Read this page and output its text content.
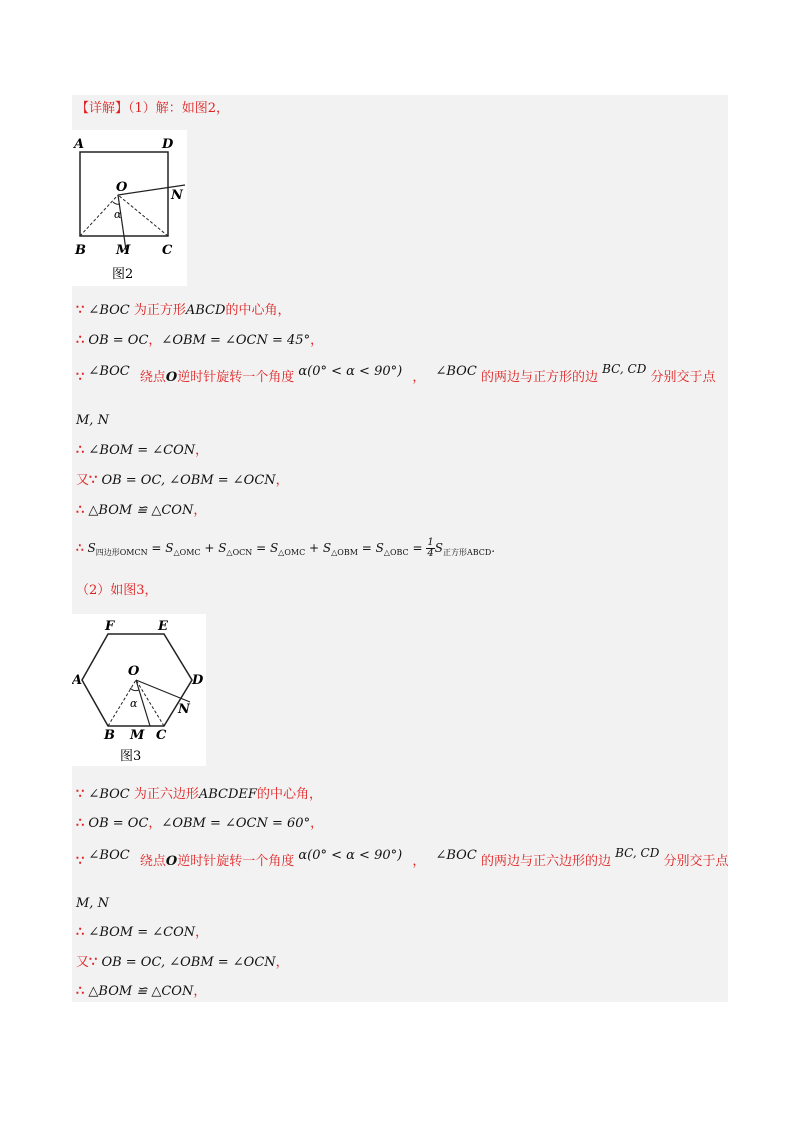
【详解】（1）解：如图2，
A	D
O
N
α
B M C
图2
∵ ∠BOC 为正方形ABCD的中心角，
∴ OB = OC，∠OBM = ∠OCN = 45°，
∵ ∠BOC 绕点O逆时针旋转一个角度 α(0° < α < 90°) ， ∠BOC 的两边与正方形的边 BC, CD 分别交于点
M, N
∴ ∠BOM = ∠CON，
又∵ OB = OC, ∠OBM = ∠OCN，
∴ △BOM ≌ △CON，
∴ $S_{四边形OMCN} = S_{\triangle OMC} + S_{\triangle OCN} = S_{\triangle OMC} + S_{\triangle OBM} = S_{\triangle OBC} = \frac{1}{4} S_{正方形ABCD}$.
（2）如图3，
F	E
O
A	D
N
α
B M C
图3
∵ ∠BOC 为正六边形ABCDEF的中心角，
∴ OB = OC，∠OBM = ∠OCN = 60°，
∵ ∠BOC 绕点O逆时针旋转一个角度 α(0° < α < 90°) ， ∠BOC 的两边与正六边形的边 BC, CD 分别交于点
M, N
∴ ∠BOM = ∠CON，
又∵ OB = OC, ∠OBM = ∠OCN，
∴ △BOM ≌ △CON，
